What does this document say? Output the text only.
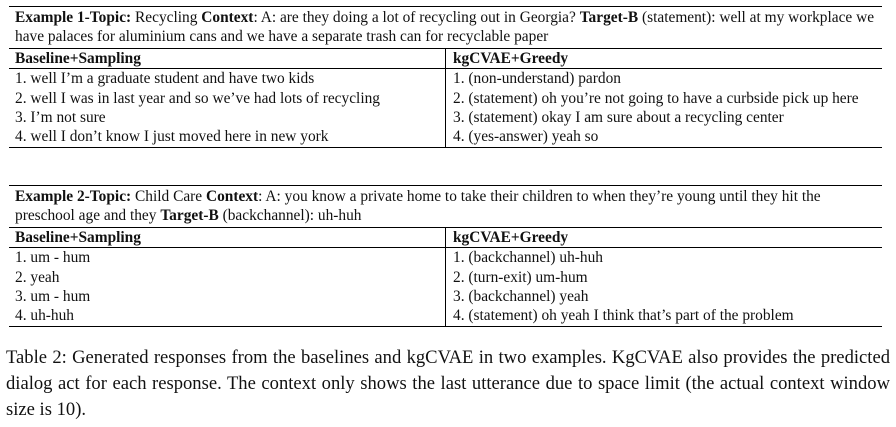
Example 1-Topic: Recycling Context: A: are they doing a lot of recycling out in Georgia? Target-B (statement): well at my workplace we have palaces for aluminium cans and we have a separate trash can for recyclable paper	
Baseline+Sampling	kgCVAE+Greedy
1. well I’m a graduate student and have two kids	1. (non-understand) pardon
2. well I was in last year and so we’ve had lots of recycling	2. (statement) oh you’re not going to have a curbside pick up here
3. I’m not sure	3. (statement) okay I am sure about a recycling center
4. well I don’t know I just moved here in new york	4. (yes-answer) yeah so
Example 2-Topic: Child Care Context: A: you know a private home to take their children to when they’re young until they hit the preschool age and they Target-B (backchannel): uh-huh	
Baseline+Sampling	kgCVAE+Greedy
1. um - hum	1. (backchannel) uh-huh
2. yeah	2. (turn-exit) um-hum
3. um - hum	3. (backchannel) yeah
4. uh-huh	4. (statement) oh yeah I think that’s part of the problem
Table 2: Generated responses from the baselines and kgCVAE in two examples. KgCVAE also provides the predicted dialog act for each response. The context only shows the last utterance due to space limit (the actual context window size is 10).
